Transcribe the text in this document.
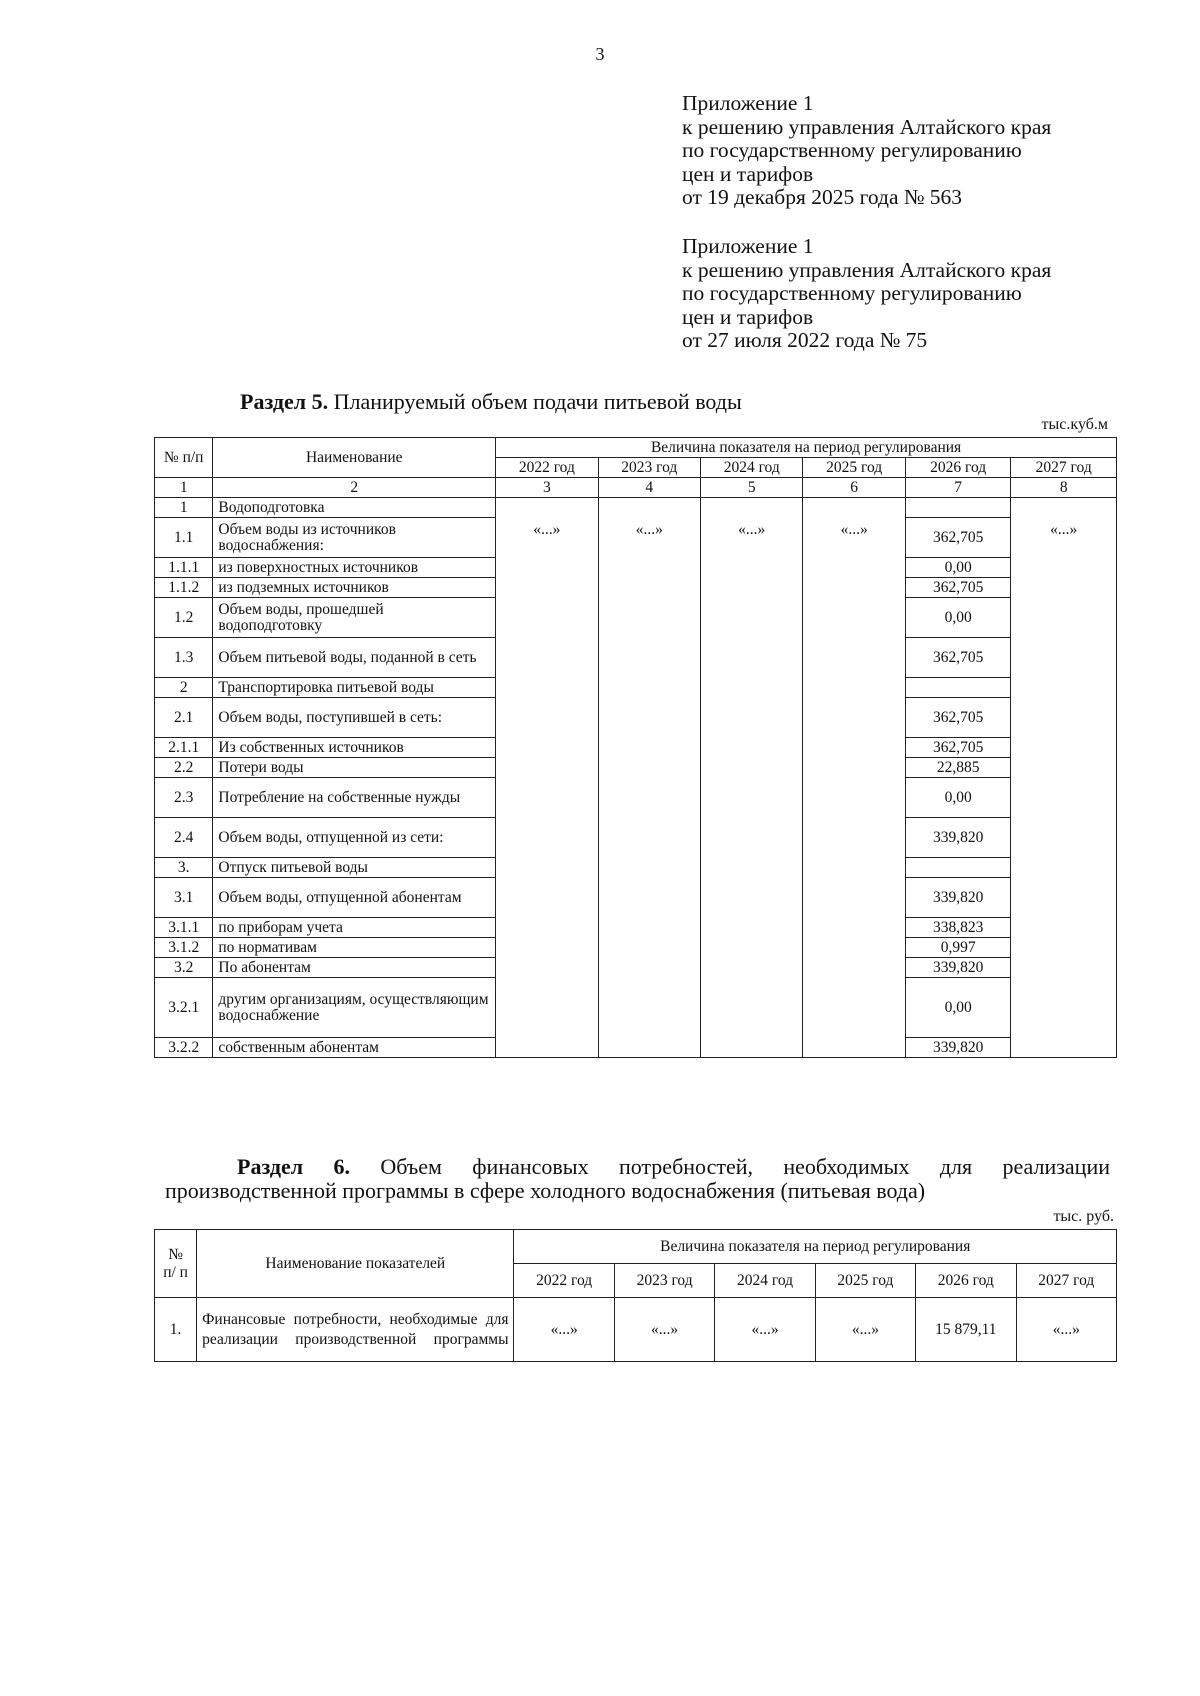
3
Приложение 1
к решению управления Алтайского края
по государственному регулированию
цен и тарифов
от 19 декабря 2025 года № 563
Приложение 1
к решению управления Алтайского края
по государственному регулированию
цен и тарифов
от 27 июля 2022 года № 75
Раздел 5. Планируемый объем подачи питьевой воды
тыс.куб.м
№ п/п	Наименование	Величина показателя на период регулирования					
		2022 год	2023 год	2024 год	2025 год	2026 год	2027 год
1	2	3	4	5	6	7	8
1	Водоподготовка						
1.1	Объем воды из источников водоснабжения:	«...»	«...»	«...»	«...»	362,705	«...»
1.1.1	из поверхностных источников					0,00	
1.1.2	из подземных источников					362,705	
1.2	Объем воды, прошедшей водоподготовку					0,00	
1.3	Объем питьевой воды, поданной в сеть					362,705	
2	Транспортировка питьевой воды						
2.1	Объем воды, поступившей в сеть:					362,705	
2.1.1	Из собственных источников					362,705	
2.2	Потери воды					22,885	
2.3	Потребление на собственные нужды					0,00	
2.4	Объем воды, отпущенной из сети:					339,820	
3.	Отпуск питьевой воды						
3.1	Объем воды, отпущенной абонентам					339,820	
3.1.1	по приборам учета					338,823	
3.1.2	по нормативам					0,997	
3.2	По абонентам					339,820	
3.2.1	другим организациям, осуществляющим водоснабжение					0,00	
3.2.2	собственным абонентам					339,820	
Раздел 6. Объем финансовых потребностей, необходимых для реализации
производственной программы в сфере холодного водоснабжения (питьевая вода)
тыс. руб.
№ п/ п	Наименование показателей	Величина показателя на период регулирования					
		2022 год	2023 год	2024 год	2025 год	2026 год	2027 год
1.	Финансовые потребности, необходимые для реализации производственной программы	«...»	«...»	«...»	«...»	15 879,11	«...»
